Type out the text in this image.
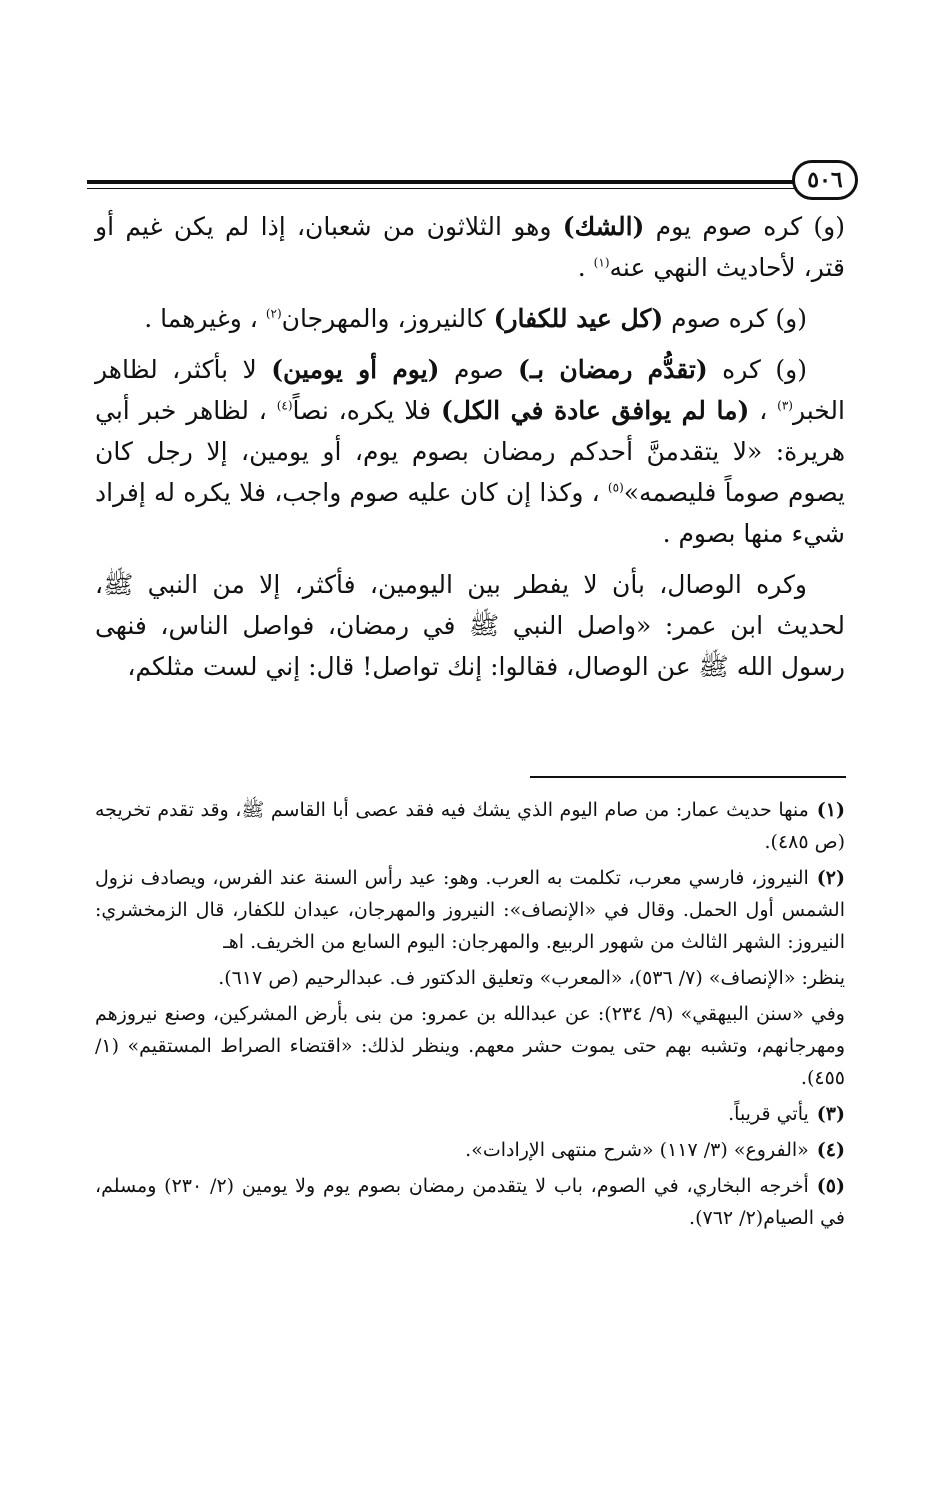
٥٠٦

(و) كره صوم يوم (الشك) وهو الثلاثون من شعبان، إذا لم يكن غيم أو قتر، لأحاديث النهي عنه$^{(١)}$ .

(و) كره صوم (كل عيد للكفار) كالنيروز، والمهرجان$^{(٢)}$ ، وغيرهما .

(و) كره (تقدُّم رمضان بـ) صوم (يوم أو يومين) لا بأكثر، لظاهر الخبر$^{(٣)}$ ، (ما لم يوافق عادة في الكل) فلا يكره، نصاً$^{(٤)}$ ، لظاهر خبر أبي هريرة: «لا يتقدمنَّ أحدكم رمضان بصوم يوم، أو يومين، إلا رجل كان يصوم صوماً فليصمه»$^{(٥)}$ ، وكذا إن كان عليه صوم واجب، فلا يكره له إفراد شيء منها بصوم .

وكره الوصال، بأن لا يفطر بين اليومين، فأكثر، إلا من النبي ﷺ، لحديث ابن عمر: «واصل النبي ﷺ في رمضان، فواصل الناس، فنهى رسول الله ﷺ عن الوصال، فقالوا: إنك تواصل! قال: إني لست مثلكم،

(١)منها حديث عمار: من صام اليوم الذي يشك فيه فقد عصى أبا القاسم ﷺ، وقد تقدم تخريجه (ص ٤٨٥).

(٢)النيروز، فارسي معرب، تكلمت به العرب. وهو: عيد رأس السنة عند الفرس، ويصادف نزول الشمس أول الحمل. وقال في «الإنصاف»: النيروز والمهرجان، عيدان للكفار، قال الزمخشري: النيروز: الشهر الثالث من شهور الربيع. والمهرجان: اليوم السابع من الخريف. اهـ

ينظر: «الإنصاف» (٧/ ٥٣٦)، «المعرب» وتعليق الدكتور ف. عبدالرحيم (ص ٦١٧).

وفي «سنن البيهقي» (٩/ ٢٣٤): عن عبدالله بن عمرو: من بنى بأرض المشركين، وصنع نيروزهم ومهرجانهم، وتشبه بهم حتى يموت حشر معهم. وينظر لذلك: «اقتضاء الصراط المستقيم» (١/ ٤٥٥).

(٣)يأتي قريباً.

(٤)«الفروع» (٣/ ١١٧) «شرح منتهى الإرادات».

(٥)أخرجه البخاري، في الصوم، باب لا يتقدمن رمضان بصوم يوم ولا يومين (٢/ ٢٣٠) ومسلم، في الصيام(٢/ ٧٦٢).
